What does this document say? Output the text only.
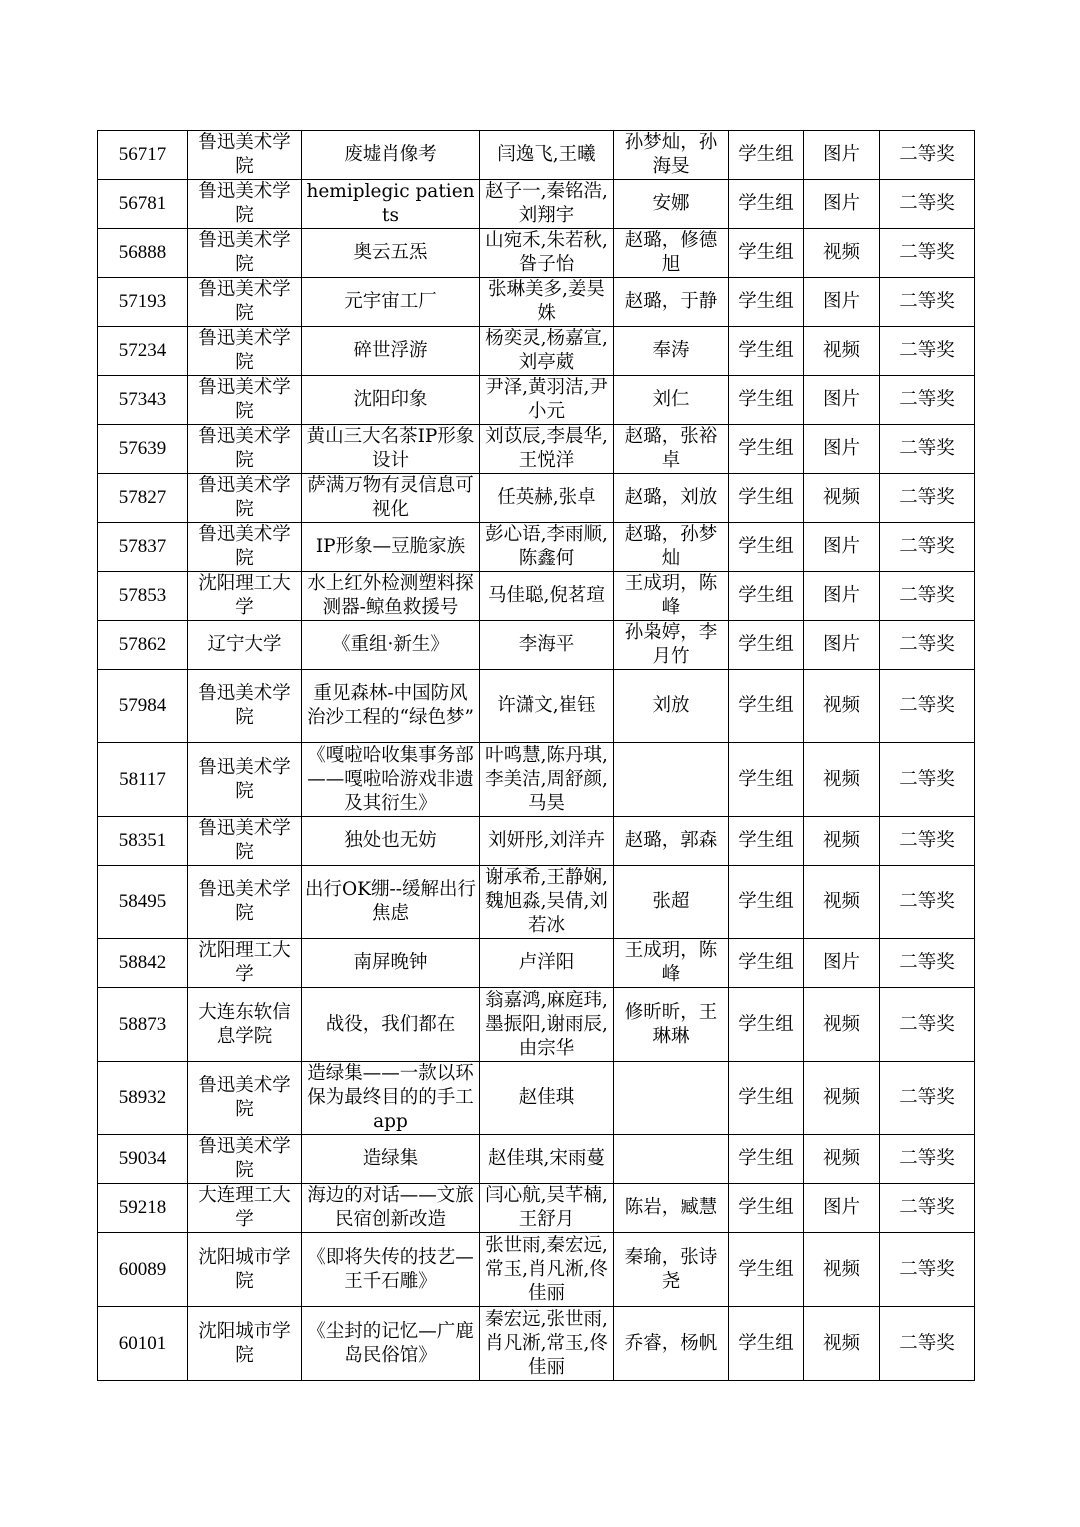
56717	鲁迅美术学院	废墟肖像考	闫逸飞,王曦	孙梦灿，孙海旻	学生组	图片	二等奖
56781	鲁迅美术学院	hemiplegic patients	赵子一,秦铭浩,刘翔宇	安娜	学生组	图片	二等奖
56888	鲁迅美术学院	奥云五炁	山宛禾,朱若秋,昝子怡	赵璐，修德旭	学生组	视频	二等奖
57193	鲁迅美术学院	元宇宙工厂	张琳美多,姜昊姝	赵璐，于静	学生组	图片	二等奖
57234	鲁迅美术学院	碎世浮游	杨奕灵,杨嘉宣,刘亭葳	奉涛	学生组	视频	二等奖
57343	鲁迅美术学院	沈阳印象	尹泽,黄羽洁,尹小元	刘仁	学生组	图片	二等奖
57639	鲁迅美术学院	黄山三大名茶IP形象设计	刘苡辰,李晨华,王悦洋	赵璐，张裕卓	学生组	图片	二等奖
57827	鲁迅美术学院	萨满万物有灵信息可视化	任英赫,张卓	赵璐，刘放	学生组	视频	二等奖
57837	鲁迅美术学院	IP形象—豆脆家族	彭心语,李雨顺,陈鑫何	赵璐，孙梦灿	学生组	图片	二等奖
57853	沈阳理工大学	水上红外检测塑料探测器-鲸鱼救援号	马佳聪,倪茗瑄	王成玥，陈峰	学生组	图片	二等奖
57862	辽宁大学	《重组·新生》	李海平	孙枭婷，李月竹	学生组	图片	二等奖
57984	鲁迅美术学院	重见森林-中国防风治沙工程的“绿色梦”	许潇文,崔钰	刘放	学生组	视频	二等奖
58117	鲁迅美术学院	《嘎啦哈收集事务部——嘎啦哈游戏非遗及其衍生》	叶鸣慧,陈丹琪,李美洁,周舒颜,马昊		学生组	视频	二等奖
58351	鲁迅美术学院	独处也无妨	刘妍彤,刘洋卉	赵璐，郭森	学生组	视频	二等奖
58495	鲁迅美术学院	出行OK绷--缓解出行焦虑	谢承希,王静娴,魏旭淼,吴倩,刘若冰	张超	学生组	视频	二等奖
58842	沈阳理工大学	南屏晚钟	卢洋阳	王成玥，陈峰	学生组	图片	二等奖
58873	大连东软信息学院	战役，我们都在	翁嘉鸿,麻庭玮,墨振阳,谢雨辰,由宗华	修昕昕，王琳琳	学生组	视频	二等奖
58932	鲁迅美术学院	造绿集——一款以环保为最终目的的手工app	赵佳琪		学生组	视频	二等奖
59034	鲁迅美术学院	造绿集	赵佳琪,宋雨蔓		学生组	视频	二等奖
59218	大连理工大学	海边的对话——文旅民宿创新改造	闫心航,吴芊楠,王舒月	陈岩，臧慧	学生组	图片	二等奖
60089	沈阳城市学院	《即将失传的技艺—王千石雕》	张世雨,秦宏远,常玉,肖凡淅,佟佳丽	秦瑜，张诗尧	学生组	视频	二等奖
60101	沈阳城市学院	《尘封的记忆—广鹿岛民俗馆》	秦宏远,张世雨,肖凡淅,常玉,佟佳丽	乔睿，杨帆	学生组	视频	二等奖
